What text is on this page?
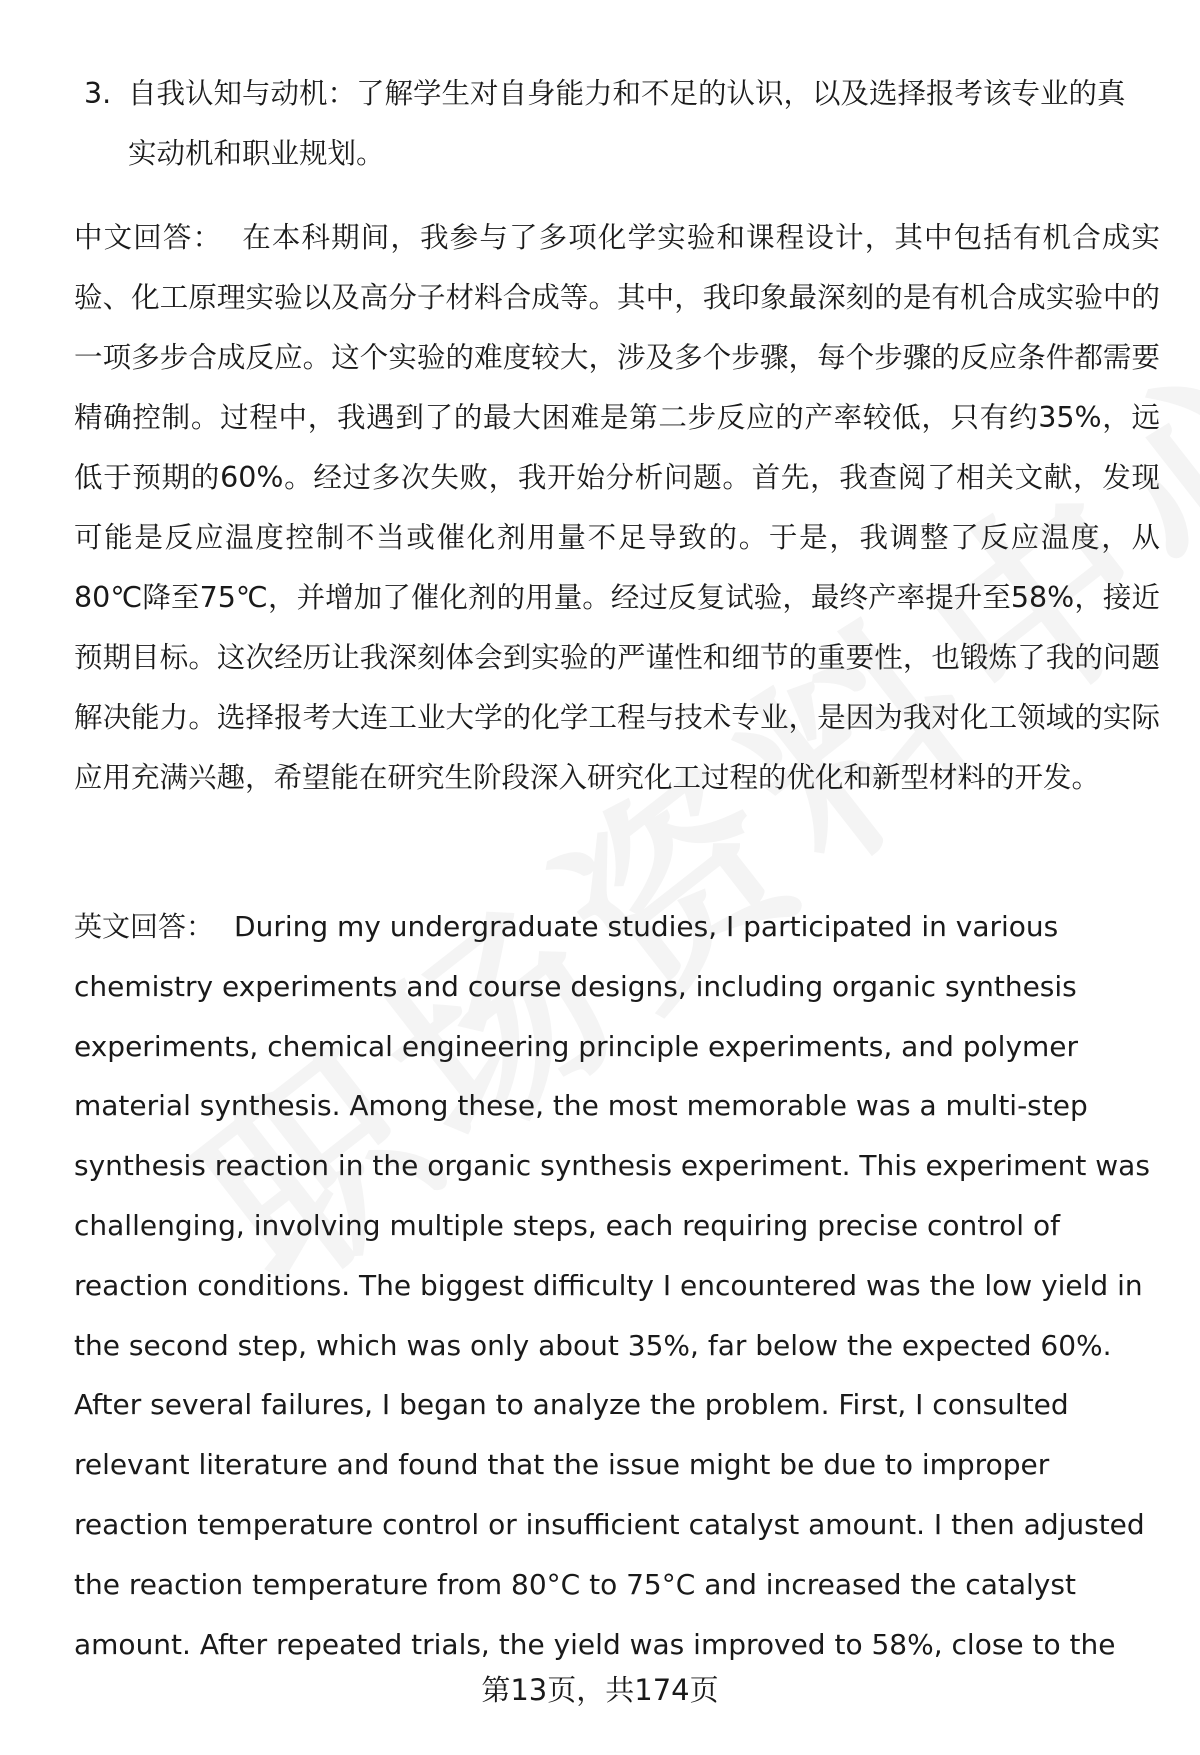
3. 自我认知与动机：了解学生对自身能力和不足的认识，以及选择报考该专业的真实动机和职业规划。
中文回答： 在本科期间，我参与了多项化学实验和课程设计，其中包括有机合成实验、化工原理实验以及高分子材料合成等。其中，我印象最深刻的是有机合成实验中的一项多步合成反应。这个实验的难度较大，涉及多个步骤，每个步骤的反应条件都需要精确控制。过程中，我遇到了的最大困难是第二步反应的产率较低，只有约35%，远低于预期的60%。经过多次失败，我开始分析问题。首先，我查阅了相关文献，发现可能是反应温度控制不当或催化剂用量不足导致的。于是，我调整了反应温度，从80℃降至75℃，并增加了催化剂的用量。经过反复试验，最终产率提升至58%，接近预期目标。这次经历让我深刻体会到实验的严谨性和细节的重要性，也锻炼了我的问题解决能力。选择报考大连工业大学的化学工程与技术专业，是因为我对化工领域的实际应用充满兴趣，希望能在研究生阶段深入研究化工过程的优化和新型材料的开发。
英文回答： During my undergraduate studies, I participated in various chemistry experiments and course designs, including organic synthesis experiments, chemical engineering principle experiments, and polymer material synthesis. Among these, the most memorable was a multi-step synthesis reaction in the organic synthesis experiment. This experiment was challenging, involving multiple steps, each requiring precise control of reaction conditions. The biggest difficulty I encountered was the low yield in the second step, which was only about 35%, far below the expected 60%. After several failures, I began to analyze the problem. First, I consulted relevant literature and found that the issue might be due to improper reaction temperature control or insufficient catalyst amount. I then adjusted the reaction temperature from 80°C to 75°C and increased the catalyst amount. After repeated trials, the yield was improved to 58%, close to the
第13页，共174页
